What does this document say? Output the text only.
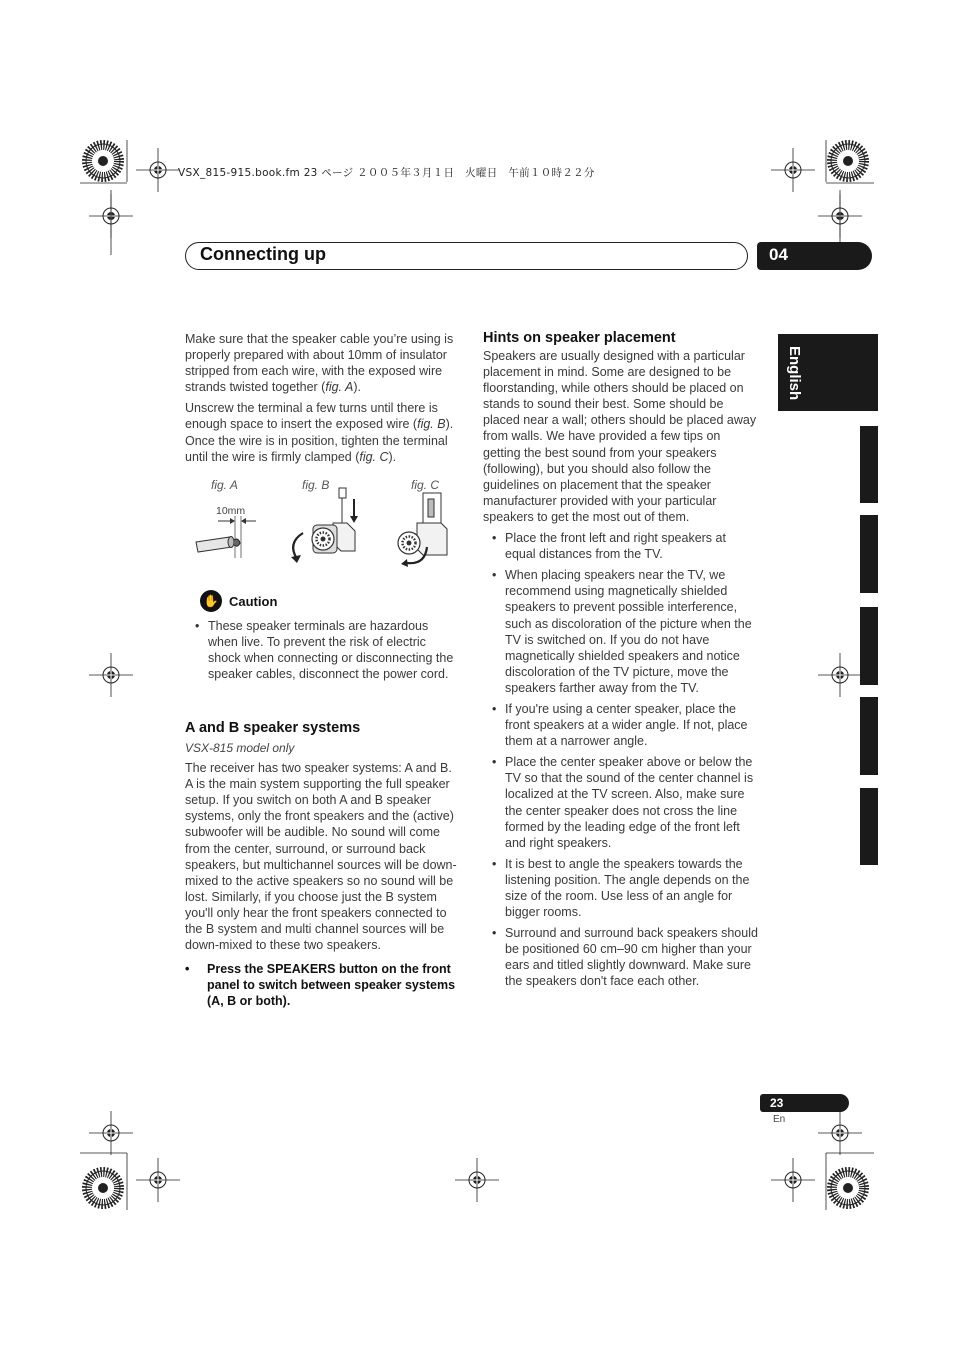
VSX_815-915.book.fm 23 ページ ２００５年３月１日　火曜日　午前１０時２２分
Connecting up	04
English

Make sure that the speaker cable you’re using is properly prepared with about 10mm of insulator stripped from each wire, with the exposed wire strands twisted together (fig. A).

Unscrew the terminal a few turns until there is enough space to insert the exposed wire (fig. B). Once the wire is in position, tighten the terminal until the wire is firmly clamped (fig. C).

fig. A	fig. B	fig. C
10mm
✋ Caution
• These speaker terminals are hazardous when live. To prevent the risk of electric shock when connecting or disconnecting the speaker cables, disconnect the power cord.
A and B speaker systems
VSX-815 model only

The receiver has two speaker systems: A and B. A is the main system supporting the full speaker setup. If you switch on both A and B speaker systems, only the front speakers and the (active) subwoofer will be audible. No sound will come from the center, surround, or surround back speakers, but multichannel sources will be down-mixed to the active speakers so no sound will be lost. Similarly, if you choose just the B system you'll only hear the front speakers connected to the B system and multi channel sources will be down-mixed to these two speakers.

• Press the SPEAKERS button on the front panel to switch between speaker systems (A, B or both).

Hints on speaker placement

Speakers are usually designed with a particular placement in mind. Some are designed to be floorstanding, while others should be placed on stands to sound their best. Some should be placed near a wall; others should be placed away from walls. We have provided a few tips on getting the best sound from your speakers (following), but you should also follow the guidelines on placement that the speaker manufacturer provided with your particular speakers to get the most out of them.

• Place the front left and right speakers at equal distances from the TV.
• When placing speakers near the TV, we recommend using magnetically shielded speakers to prevent possible interference, such as discoloration of the picture when the TV is switched on. If you do not have magnetically shielded speakers and notice discoloration of the TV picture, move the speakers farther away from the TV.
• If you're using a center speaker, place the front speakers at a wider angle. If not, place them at a narrower angle.
• Place the center speaker above or below the TV so that the sound of the center channel is localized at the TV screen. Also, make sure the center speaker does not cross the line formed by the leading edge of the front left and right speakers.
• It is best to angle the speakers towards the listening position. The angle depends on the size of the room. Use less of an angle for bigger rooms.
• Surround and surround back speakers should be positioned 60 cm–90 cm higher than your ears and titled slightly downward. Make sure the speakers don't face each other.
23
En
